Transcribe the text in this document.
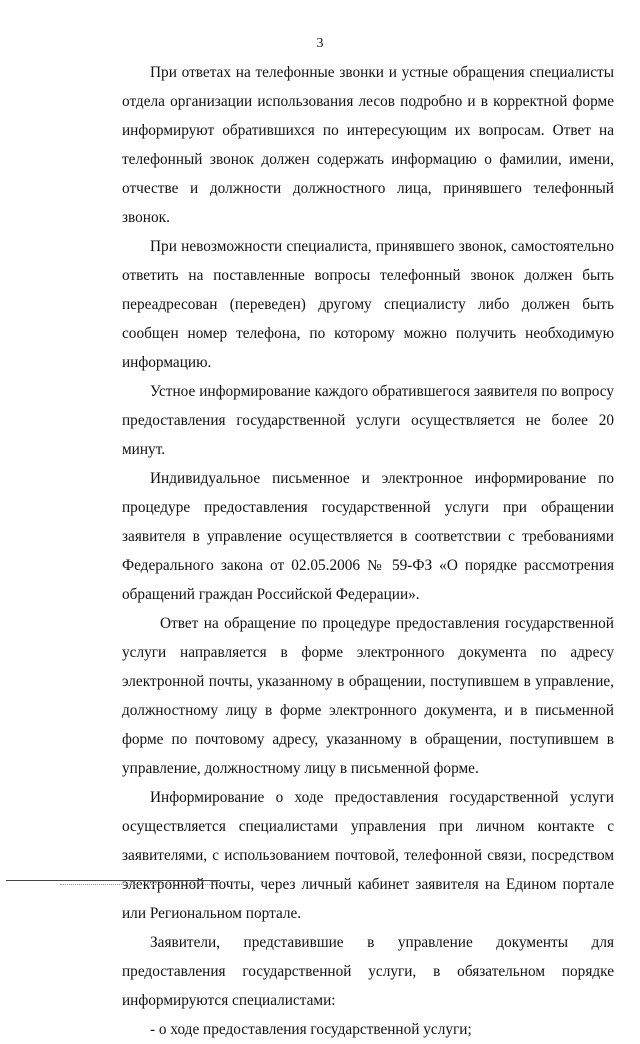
3

При ответах на телефонные звонки и устные обращения специалисты отдела организации использования лесов подробно и в корректной форме информируют обратившихся по интересующим их вопросам. Ответ на телефонный звонок должен содержать информацию о фамилии, имени, отчестве и должности должностного лица, принявшего телефонный звонок.

При невозможности специалиста, принявшего звонок, самостоятельно ответить на поставленные вопросы телефонный звонок должен быть переадресован (переведен) другому специалисту либо должен быть сообщен номер телефона, по которому можно получить необходимую информацию.

Устное информирование каждого обратившегося заявителя по вопросу предоставления государственной услуги осуществляется не более 20 минут.

Индивидуальное письменное и электронное информирование по процедуре предоставления государственной услуги при обращении заявителя в управление осуществляется в соответствии с требованиями Федерального закона от 02.05.2006 № 59-ФЗ «О порядке рассмотрения обращений граждан Российской Федерации».

Ответ на обращение по процедуре предоставления государственной услуги направляется в форме электронного документа по адресу электронной почты, указанному в обращении, поступившем в управление, должностному лицу в форме электронного документа, и в письменной форме по почтовому адресу, указанному в обращении, поступившем в управление, должностному лицу в письменной форме.

Информирование о ходе предоставления государственной услуги осуществляется специалистами управления при личном контакте с заявителями, с использованием почтовой, телефонной связи, посредством электронной почты, через личный кабинет заявителя на Едином портале или Региональном портале.

Заявители, представившие в управление документы для предоставления государственной услуги, в обязательном порядке информируются специалистами:

- о ходе предоставления государственной услуги;
